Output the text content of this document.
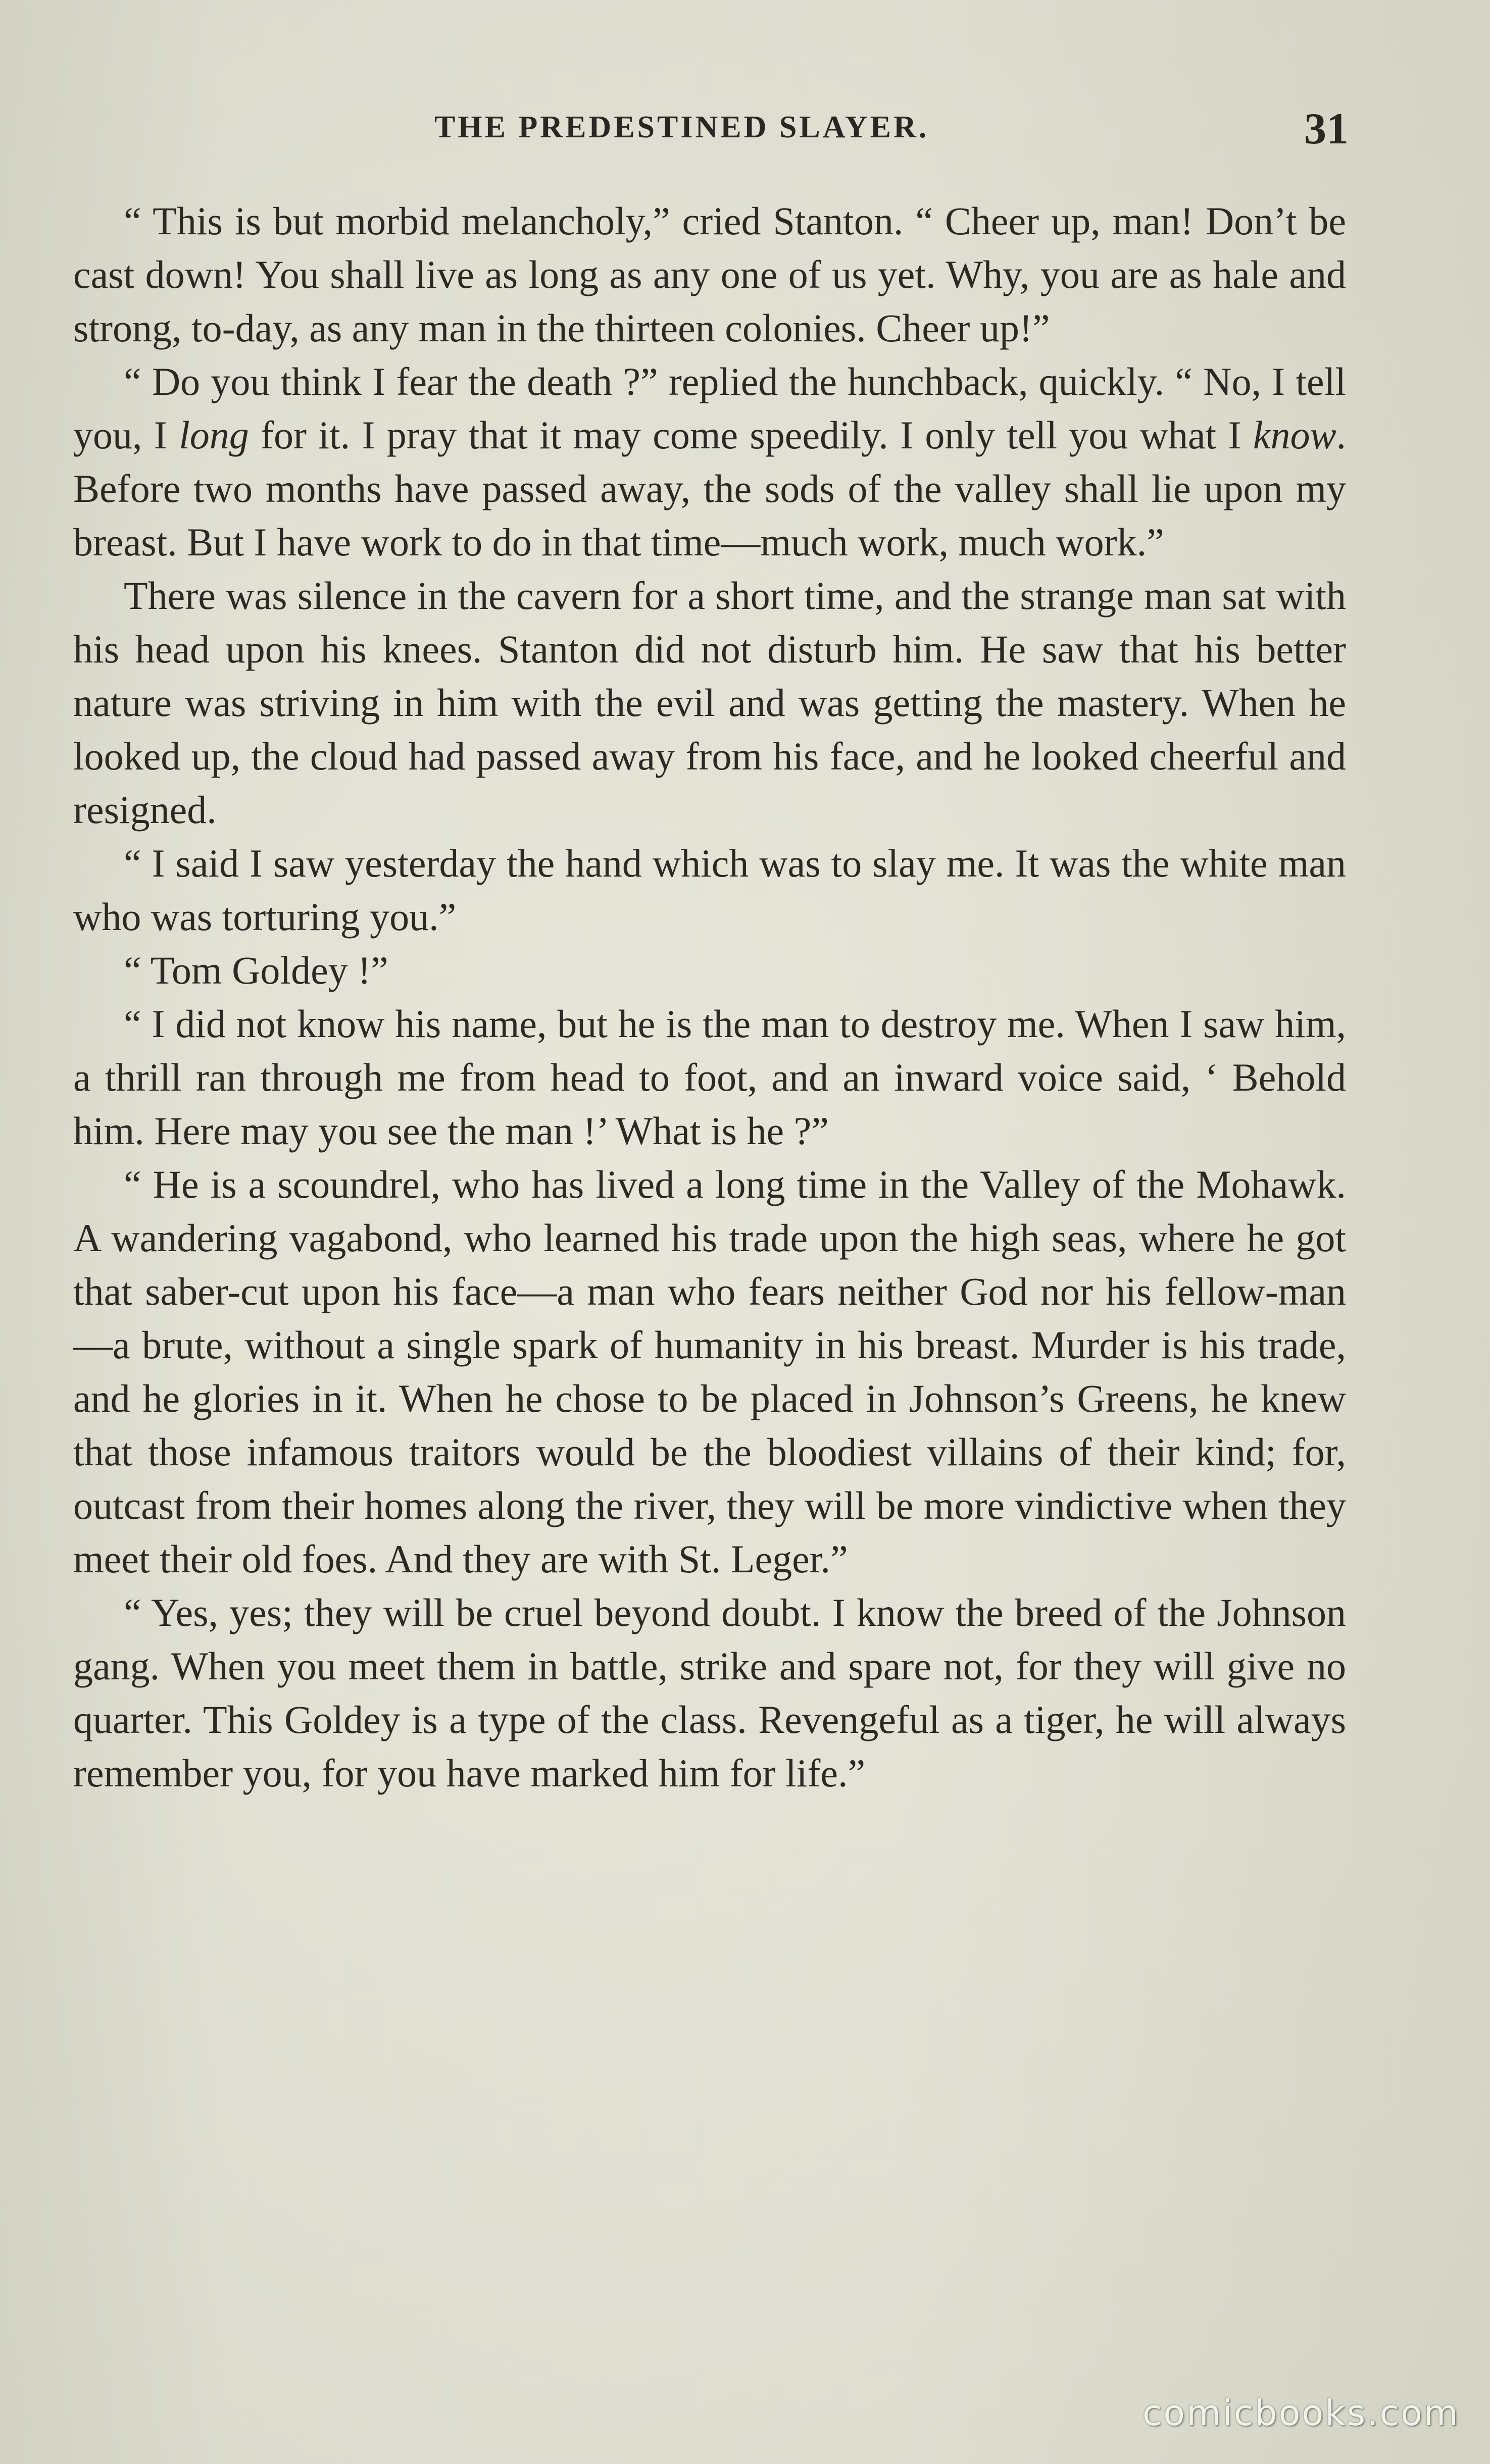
THE PREDESTINED SLAYER.	31

“ This is but morbid melancholy,” cried Stanton. “ Cheer up, man! Don’t be cast down! You shall live as long as any one of us yet. Why, you are as hale and strong, to-day, as any man in the thirteen colonies. Cheer up!”

“ Do you think I fear the death ?” replied the hunchback, quickly. “ No, I tell you, I long for it. I pray that it may come speedily. I only tell you what I know. Before two months have passed away, the sods of the valley shall lie upon my breast. But I have work to do in that time—much work, much work.”

There was silence in the cavern for a short time, and the strange man sat with his head upon his knees. Stanton did not disturb him. He saw that his better nature was striving in him with the evil and was getting the mastery. When he looked up, the cloud had passed away from his face, and he looked cheerful and resigned.

“ I said I saw yesterday the hand which was to slay me. It was the white man who was torturing you.”

“ Tom Goldey !”

“ I did not know his name, but he is the man to destroy me. When I saw him, a thrill ran through me from head to foot, and an inward voice said, ‘ Behold him. Here may you see the man !’ What is he ?”

“ He is a scoundrel, who has lived a long time in the Valley of the Mohawk. A wandering vagabond, who learned his trade upon the high seas, where he got that saber-cut upon his face—a man who fears neither God nor his fellow-man—a brute, without a single spark of humanity in his breast. Murder is his trade, and he glories in it. When he chose to be placed in Johnson’s Greens, he knew that those infamous traitors would be the bloodiest villains of their kind; for, outcast from their homes along the river, they will be more vindictive when they meet their old foes. And they are with St. Leger.”

“ Yes, yes; they will be cruel beyond doubt. I know the breed of the Johnson gang. When you meet them in battle, strike and spare not, for they will give no quarter. This Goldey is a type of the class. Revengeful as a tiger, he will always remember you, for you have marked him for life.”

comicbooks.com
